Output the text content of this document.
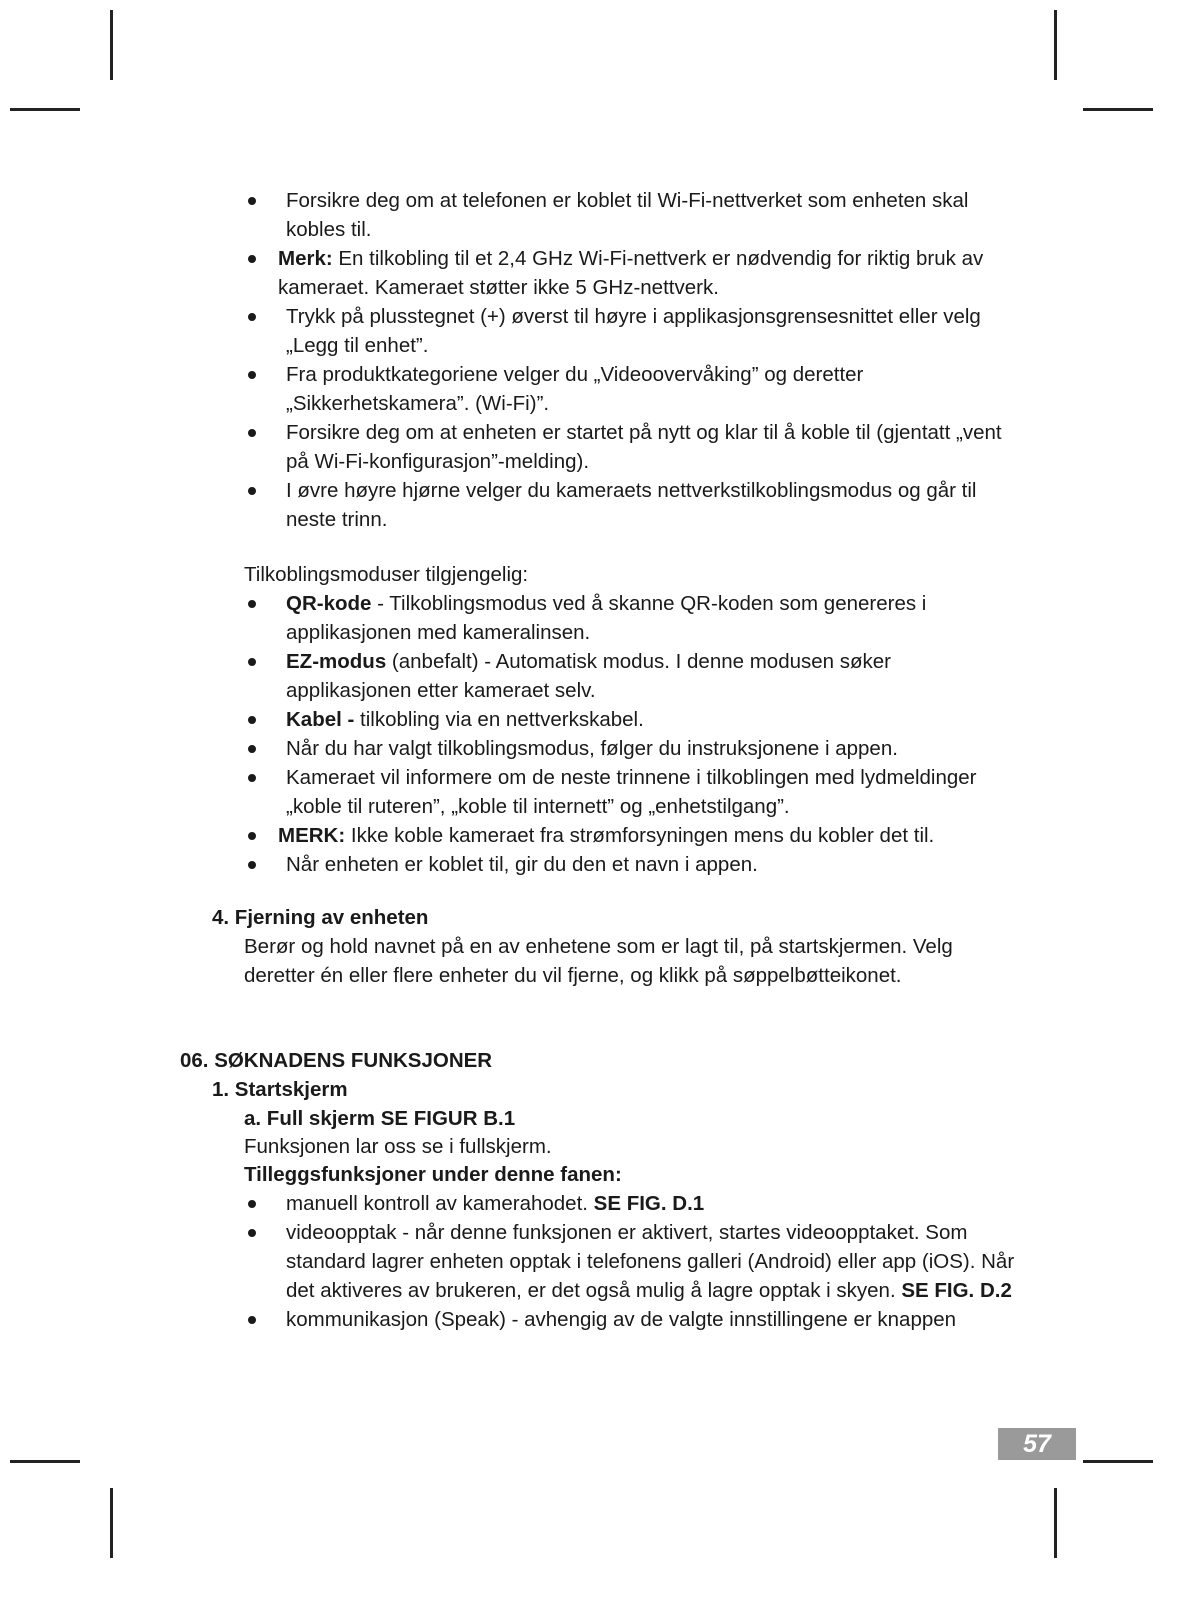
Forsikre deg om at telefonen er koblet til Wi-Fi-nettverket som enheten skal kobles til.
Merk: En tilkobling til et 2,4 GHz Wi-Fi-nettverk er nødvendig for riktig bruk av kameraet. Kameraet støtter ikke 5 GHz-nettverk.
Trykk på plusstegnet (+) øverst til høyre i applikasjonsgrensesnittet eller velg „Legg til enhet”.
Fra produktkategoriene velger du „Videoovervåking” og deretter „Sikkerhetskamera”. (Wi-Fi)”.
Forsikre deg om at enheten er startet på nytt og klar til å koble til (gjentatt „vent på Wi-Fi-konfigurasjon”-melding).
I øvre høyre hjørne velger du kameraets nettverkstilkoblingsmodus og går til neste trinn.
Tilkoblingsmoduser tilgjengelig:
QR-kode - Tilkoblingsmodus ved å skanne QR-koden som genereres i applikasjonen med kameralinsen.
EZ-modus (anbefalt) - Automatisk modus. I denne modusen søker applikasjonen etter kameraet selv.
Kabel - tilkobling via en nettverkskabel.
Når du har valgt tilkoblingsmodus, følger du instruksjonene i appen.
Kameraet vil informere om de neste trinnene i tilkoblingen med lydmeldinger „koble til ruteren”, „koble til internett” og „enhetstilgang”.
MERK: Ikke koble kameraet fra strømforsyningen mens du kobler det til.
Når enheten er koblet til, gir du den et navn i appen.
4. Fjerning av enheten
Berør og hold navnet på en av enhetene som er lagt til, på startskjermen. Velg deretter én eller flere enheter du vil fjerne, og klikk på søppelbøtteikonet.
06. SØKNADENS FUNKSJONER
1. Startskjerm
a. Full skjerm SE FIGUR B.1
Funksjonen lar oss se i fullskjerm.
Tilleggsfunksjoner under denne fanen:
manuell kontroll av kamerahodet. SE FIG. D.1
videoopptak - når denne funksjonen er aktivert, startes videoopptaket. Som standard lagrer enheten opptak i telefonens galleri (Android) eller app (iOS). Når det aktiveres av brukeren, er det også mulig å lagre opptak i skyen. SE FIG. D.2
kommunikasjon (Speak) - avhengig av de valgte innstillingene er knappen
57
